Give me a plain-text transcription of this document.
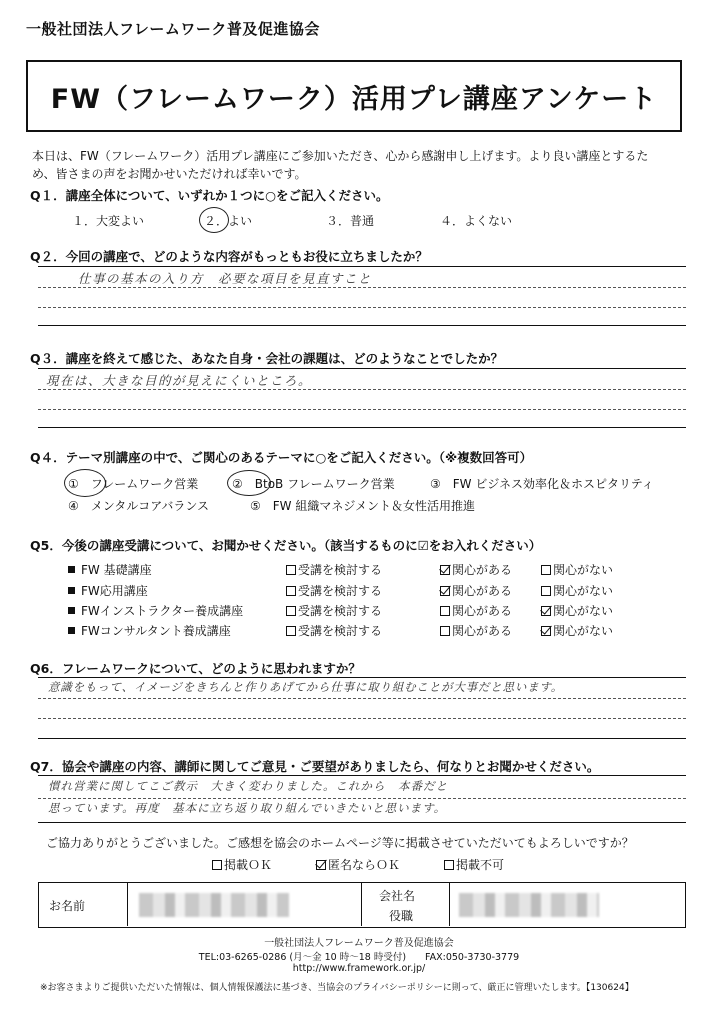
一般社団法人フレームワーク普及促進協会
FW（フレームワーク）活用プレ講座アンケート
本日は、FW（フレームワーク）活用プレ講座にご参加いただき、心から感謝申し上げます。より良い講座とするた
め、皆さまの声をお聞かせいただければ幸いです。
Q１．講座全体について、いずれか１つに○をご記入ください。
１．大変よい	２．よい	３．普通	４．よくない
Q２．今回の講座で、どのような内容がもっともお役に立ちましたか？
仕事の基本の入り方　必要な項目を見直すこと
Q３．講座を終えて感じた、あなた自身・会社の課題は、どのようなことでしたか？
現在は、大きな目的が見えにくいところ。
Q４．テーマ別講座の中で、ご関心のあるテーマに○をご記入ください。（※複数回答可）
①　フレームワーク営業	②　BtoB フレームワーク営業	③　FW ビジネス効率化＆ホスピタリティ
④　メンタルコアバランス	⑤　FW 組織マネジメント＆女性活用推進
Q5．今後の講座受講について、お聞かせください。（該当するものに☑をお入れください）
FW 基礎講座	受講を検討する	関心がある	関心がない
FW応用講座	受講を検討する	関心がある	関心がない
FWインストラクター養成講座	受講を検討する	関心がある	関心がない
FWコンサルタント養成講座	受講を検討する	関心がある	関心がない
Q6．フレームワークについて、どのように思われますか？
意識をもって、イメージをきちんと作りあげてから仕事に取り組むことが大事だと思います。
Q7．協会や講座の内容、講師に関してご意見・ご要望がありましたら、何なりとお聞かせください。
慣れ営業に関してこご教示　大きく変わりました。これから　本番だと
思っています。再度　基本に立ち返り取り組んでいきたいと思います。
ご協力ありがとうございました。ご感想を協会のホームページ等に掲載させていただいてもよろしいですか？
掲載ＯＫ	匿名ならＯＫ	掲載不可
お名前
会社名
役職
一般社団法人フレームワーク普及促進協会
TEL:03-6265-0286 (月～金 10 時～18 時受付)　　FAX:050-3730-3779
http://www.framework.or.jp/
※お客さまよりご提供いただいた情報は、個人情報保護法に基づき、当協会のプライバシーポリシーに則って、厳正に管理いたします。【130624】
